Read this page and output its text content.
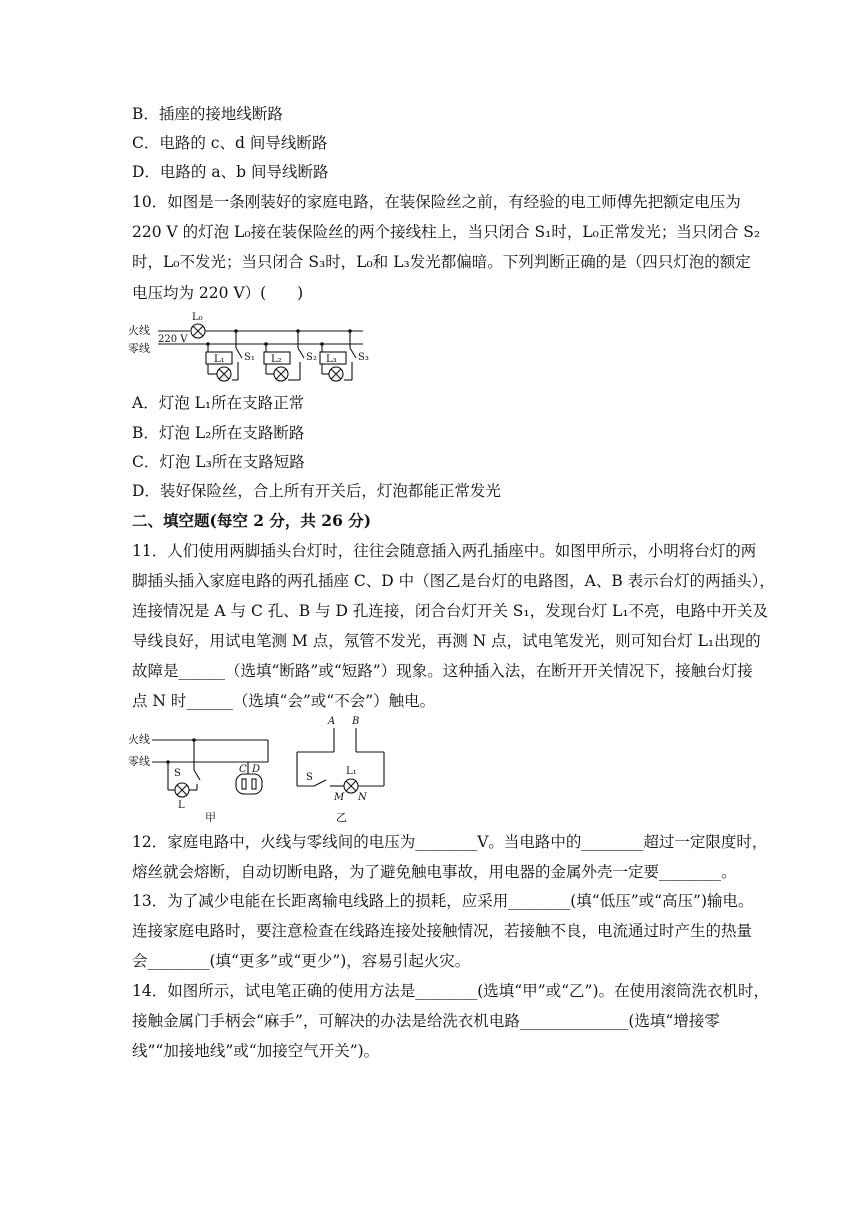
B．插座的接地线断路
C．电路的 c、d 间导线断路
D．电路的 a、b 间导线断路
10．如图是一条刚装好的家庭电路，在装保险丝之前，有经验的电工师傅先把额定电压为
220 V 的灯泡 L₀接在装保险丝的两个接线柱上，当只闭合 S₁时，L₀正常发光；当只闭合 S₂
时，L₀不发光；当只闭合 S₃时，L₀和 L₃发光都偏暗。下列判断正确的是（四只灯泡的额定
电压均为 220 V）(　　)
火线
零线
220 V
L₀
L₁	L₂	L₃
S₁	S₂	S₃
A．灯泡 L₁所在支路正常
B．灯泡 L₂所在支路断路
C．灯泡 L₃所在支路短路
D．装好保险丝，合上所有开关后，灯泡都能正常发光
二、填空题(每空 2 分，共 26 分)
11．人们使用两脚插头台灯时，往往会随意插入两孔插座中。如图甲所示，小明将台灯的两
脚插头插入家庭电路的两孔插座 C、D 中（图乙是台灯的电路图，A、B 表示台灯的两插头），
连接情况是 A 与 C 孔、B 与 D 孔连接，闭合台灯开关 S₁，发现台灯 L₁不亮，电路中开关及
导线良好，用试电笔测 M 点，氖管不发光，再测 N 点，试电笔发光，则可知台灯 L₁出现的
故障是______（选填“断路”或“短路”）现象。这种插入法，在断开开关情况下，接触台灯接
点 N 时______（选填“会”或“不会”）触电。
火线
零线
S
L
C D
甲
A B
S
L₁
M N
乙
12．家庭电路中，火线与零线间的电压为________V。当电路中的________超过一定限度时，
熔丝就会熔断，自动切断电路，为了避免触电事故，用电器的金属外壳一定要________。
13．为了减少电能在长距离输电线路上的损耗，应采用________(填“低压”或“高压”)输电。
连接家庭电路时，要注意检查在线路连接处接触情况，若接触不良，电流通过时产生的热量
会________(填“更多”或“更少”)，容易引起火灾。
14．如图所示，试电笔正确的使用方法是________(选填“甲”或“乙”)。在使用滚筒洗衣机时，
接触金属门手柄会“麻手”，可解决的办法是给洗衣机电路______________(选填“增接零
线”“加接地线”或“加接空气开关”)。
